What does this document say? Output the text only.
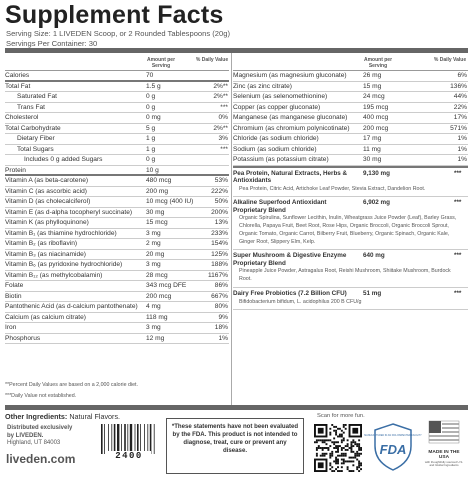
Supplement Facts
Serving Size: 1 LIVEDEN Scoop, or 2 Rounded Tablespoons (20g)
Servings Per Container: 30
Amount per Serving
% Daily Value
Calories	70
Total Fat	1.5 g	2%**
Saturated Fat	0 g	2%**
Trans Fat	0 g	***
Cholesterol	0 mg	0%
Total Carbohydrate	5 g	2%**
Dietary Fiber	1 g	3%
Total Sugars	1 g	***
Includes 0 g added Sugars	0 g
Protein	10 g
Vitamin A (as beta-carotene)	480 mcg	53%
Vitamin C (as ascorbic acid)	200 mg	222%
Vitamin D (as cholecalciferol)	10 mcg (400 IU)	50%
Vitamin E (as d-alpha tocopheryl succinate) 30 mg	200%
Vitamin K (as phylloquinone)	15 mcg	13%
Vitamin B₁ (as thiamine hydrochloride)	3 mg	233%
Vitamin B₂ (as riboflavin)	2 mg	154%
Vitamin B₃ (as niacinamide)	20 mg	125%
Vitamin B₆ (as pyridoxine hydrochloride)	3 mg	188%
Vitamin B₁₂ (as methylcobalamin)	28 mcg	1167%
Folate	343 mcg DFE	86%
Biotin	200 mcg	667%
Pantothenic Acid (as d-calcium pantothenate) 4 mg	80%
Calcium (as calcium citrate)	118 mg	9%
Iron	3 mg	18%
Phosphorus	12 mg	1%
Amount per Serving
% Daily Value
Magnesium (as magnesium gluconate) 26 mg	6%
Zinc (as zinc citrate)	15 mg	136%
Selenium (as selenomethionine)	24 mcg	44%
Copper (as copper gluconate)	195 mcg	22%
Manganese (as manganese gluconate) 400 mcg	17%
Chromium (as chromium polynicotinate) 200 mcg	571%
Chloride (as sodium chloride)	17 mg	1%
Sodium (as sodium chloride)	11 mg	1%
Potassium (as potassium citrate)	30 mg	1%
Pea Protein, Natural Extracts, Herbs & Antioxidants
9,130 mg	***
Pea Protein, Citric Acid, Artichoke Leaf Powder, Stevia Extract, Dandelion Root.
Alkaline Superfood Antioxidant Proprietary Blend
6,902 mg	***
Organic Spirulina, Sunflower Lecithin, Inulin, Wheatgrass Juice Powder (Leaf), Barley Grass, Chlorella, Papaya Fruit, Beet Root, Rose Hips, Organic Broccoli, Organic Broccoli Sprout, Organic Tomato, Organic Carrot, Bilberry Fruit, Blueberry, Organic Spinach, Organic Kale, Ginger Root, Slippery Elm, Kelp.
Super Mushroom & Digestive Enzyme Proprietary Blend
640 mg	***
Pineapple Juice Powder, Astragalus Root, Reishi Mushroom, Shiitake Mushroom, Burdock Root.
Dairy Free Probiotics (7.2 Billion CFU)	51 mg	***
Bifidobacterium bifidum, L. acidophilus 200 B CFU/g
**Percent Daily Values are based on a 2,000 calorie diet.
***Daily Value not established.
Other Ingredients: Natural Flavors.
Distributed exclusively
by LIVEDEN.
Highland, UT 84003
liveden.com	2400
*These statements have not been evaluated by the FDA. This product is not intended to diagnose, treat, cure or prevent any disease.
Scan for more fun.
MANUFACTURED IN AN FDA INSPECTED FACILITY
FDA	MADE IN THE USA
with thoughtfully sourced U.S. and Global Ingredients
